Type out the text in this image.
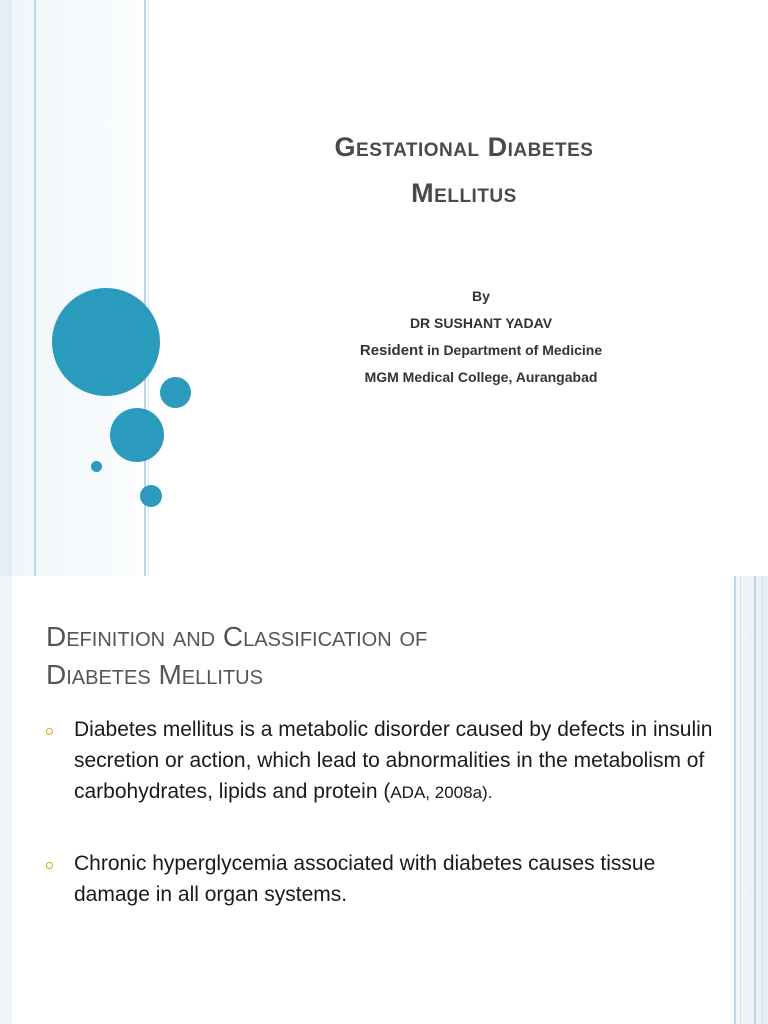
Gestational Diabetes
Mellitus
By
DR SUSHANT YADAV
Resident in Department of Medicine
MGM Medical College, Aurangabad
Definition and Classification of
Diabetes Mellitus
Diabetes mellitus is a metabolic disorder caused by defects in insulin secretion or action, which lead to abnormalities in the metabolism of carbohydrates, lipids and protein (ADA, 2008a).
Chronic hyperglycemia associated with diabetes causes tissue damage in all organ systems.
